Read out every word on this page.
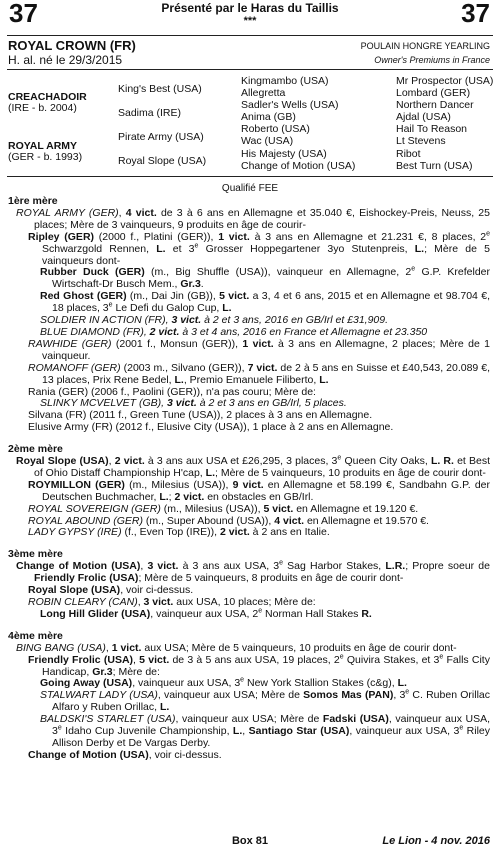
37	37
Présenté par le Haras du Taillis
***
ROYAL CROWN (FR)
H. al. né le 29/3/2015
POULAIN HONGRE YEARLING
Owner's Premiums in France
CREACHADOIR
(IRE - b. 2004)
ROYAL ARMY
(GER - b. 1993)
King's Best (USA)
Sadima (IRE)
Pirate Army (USA)
Royal Slope (USA)
Kingmambo (USA)
Allegretta
Sadler's Wells (USA)
Anima (GB)
Roberto (USA)
Wac (USA)
His Majesty (USA)
Change of Motion (USA)
Mr Prospector (USA)
Lombard (GER)
Northern Dancer
Ajdal (USA)
Hail To Reason
Lt Stevens
Ribot
Best Turn (USA)
Qualifié FEE

1ère mère

ROYAL ARMY (GER), 4 vict. de 3 à 6 ans en Allemagne et 35.040 €, Eishockey-Preis, Neuss, 25 places; Mère de 3 vainqueurs, 9 produits en âge de courir-

Ripley (GER) (2000 f., Platini (GER)), 1 vict. à 3 ans en Allemagne et 21.231 €, 8 places, 2e Schwarzgold Rennen, L. et 3e Grosser Hoppegartener 3yo Stutenpreis, L.; Mère de 5 vainqueurs dont-

Rubber Duck (GER) (m., Big Shuffle (USA)), vainqueur en Allemagne, 2e G.P. Krefelder Wirtschaft-Dr Busch Mem., Gr.3.

Red Ghost (GER) (m., Dai Jin (GB)), 5 vict. a 3, 4 et 6 ans, 2015 et en Allemagne et 98.704 €, 18 places, 3e Le Defi du Galop Cup, L.

SOLDIER IN ACTION (FR), 3 vict. à 2 et 3 ans, 2016 en GB/Irl et £31,909.

BLUE DIAMOND (FR), 2 vict. à 3 et 4 ans, 2016 en France et Allemagne et 23.350

RAWHIDE (GER) (2001 f., Monsun (GER)), 1 vict. à 3 ans en Allemagne, 2 places; Mère de 1 vainqueur.

ROMANOFF (GER) (2003 m., Silvano (GER)), 7 vict. de 2 à 5 ans en Suisse et £40,543, 20.089 €, 13 places, Prix Rene Bedel, L., Premio Emanuele Filiberto, L.

Rania (GER) (2006 f., Paolini (GER)), n'a pas couru; Mère de:

SLINKY MCVELVET (GB), 3 vict. à 2 et 3 ans en GB/Irl, 5 places.

Silvana (FR) (2011 f., Green Tune (USA)), 2 places à 3 ans en Allemagne.

Elusive Army (FR) (2012 f., Elusive City (USA)), 1 place à 2 ans en Allemagne.

2ème mère

Royal Slope (USA), 2 vict. à 3 ans aux USA et £26,295, 3 places, 3e Queen City Oaks, L. R. et Best of Ohio Distaff Championship H'cap, L.; Mère de 5 vainqueurs, 10 produits en âge de courir dont-

ROYMILLON (GER) (m., Milesius (USA)), 9 vict. en Allemagne et 58.199 €, Sandbahn G.P. der Deutschen Buchmacher, L.; 2 vict. en obstacles en GB/Irl.

ROYAL SOVEREIGN (GER) (m., Milesius (USA)), 5 vict. en Allemagne et 19.120 €.

ROYAL ABOUND (GER) (m., Super Abound (USA)), 4 vict. en Allemagne et 19.570 €.

LADY GYPSY (IRE) (f., Even Top (IRE)), 2 vict. à 2 ans en Italie.

3ème mère

Change of Motion (USA), 3 vict. à 3 ans aux USA, 3e Sag Harbor Stakes, L.R.; Propre soeur de Friendly Frolic (USA); Mère de 5 vainqueurs, 8 produits en âge de courir dont-

Royal Slope (USA), voir ci-dessus.

ROBIN CLEARY (CAN), 3 vict. aux USA, 10 places; Mère de:

Long Hill Glider (USA), vainqueur aux USA, 2e Norman Hall Stakes R.

4ème mère

BING BANG (USA), 1 vict. aux USA; Mère de 5 vainqueurs, 10 produits en âge de courir dont-

Friendly Frolic (USA), 5 vict. de 3 à 5 ans aux USA, 19 places, 2e Quivira Stakes, et 3e Falls City Handicap, Gr.3; Mère de:

Going Away (USA), vainqueur aux USA, 3e New York Stallion Stakes (c&g), L.

STALWART LADY (USA), vainqueur aux USA; Mère de Somos Mas (PAN), 3e C. Ruben Orillac Alfaro y Ruben Orillac, L.

BALDSKI'S STARLET (USA), vainqueur aux USA; Mère de Fadski (USA), vainqueur aux USA, 3e Idaho Cup Juvenile Championship, L., Santiago Star (USA), vainqueur aux USA, 3e Riley Allison Derby et De Vargas Derby.

Change of Motion (USA), voir ci-dessus.

Box 81	Le Lion - 4 nov. 2016
